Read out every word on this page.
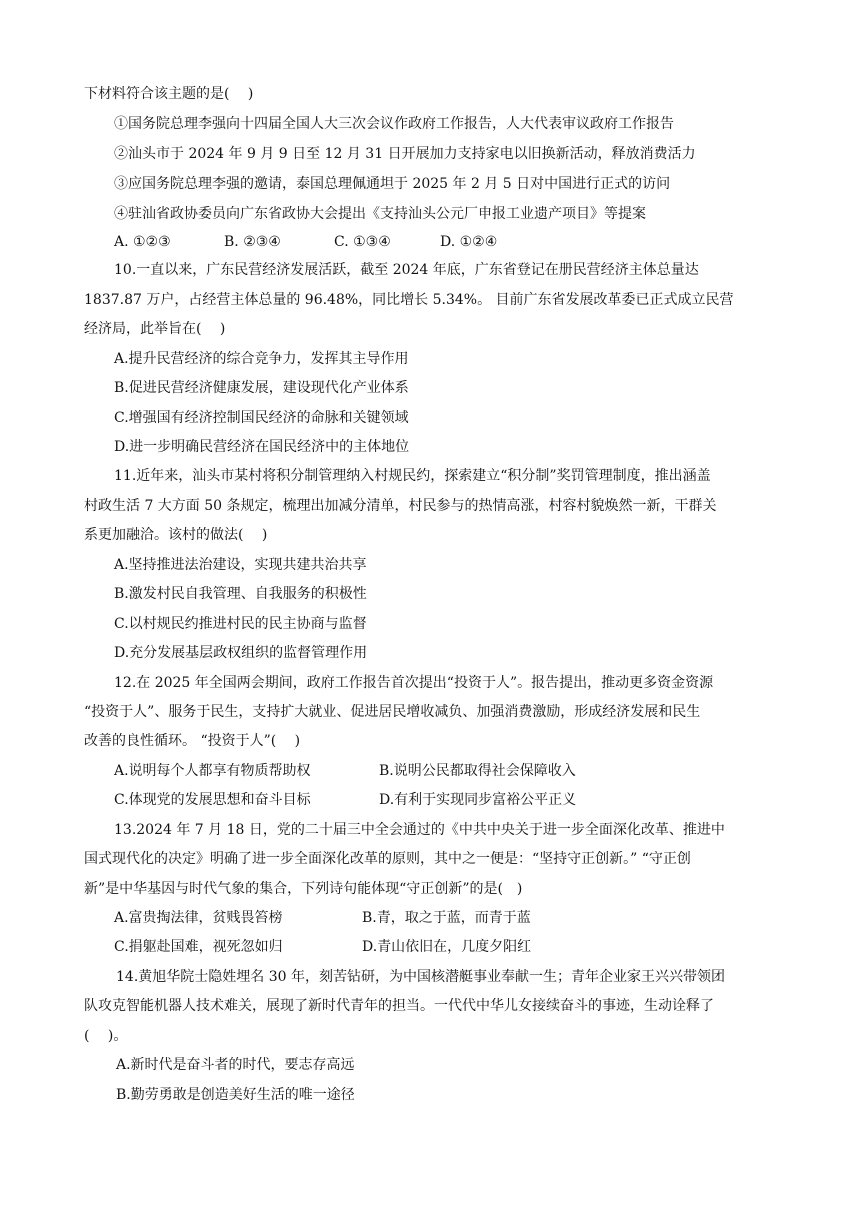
下材料符合该主题的是(　 )
①国务院总理李强向十四届全国人大三次会议作政府工作报告，人大代表审议政府工作报告
②汕头市于 2024 年 9 月 9 日至 12 月 31 日开展加力支持家电以旧换新活动，释放消费活力
③应国务院总理李强的邀请，泰国总理佩通坦于 2025 年 2 月 5 日对中国进行正式的访问
④驻汕省政协委员向广东省政协大会提出《支持汕头公元厂申报工业遗产项目》等提案
A. ①②③	B. ②③④	C. ①③④	D. ①②④
10.一直以来，广东民营经济发展活跃，截至 2024 年底，广东省登记在册民营经济主体总量达
1837.87 万户，占经营主体总量的 96.48%，同比增长 5.34%。 目前广东省发展改革委已正式成立民营
经济局，此举旨在(　 )
A.提升民营经济的综合竞争力，发挥其主导作用
B.促进民营经济健康发展，建设现代化产业体系
C.增强国有经济控制国民经济的命脉和关键领域
D.进一步明确民营经济在国民经济中的主体地位
11.近年来，汕头市某村将积分制管理纳入村规民约，探索建立“积分制”奖罚管理制度，推出涵盖
村政生活 7 大方面 50 条规定，梳理出加减分清单，村民参与的热情高涨，村容村貌焕然一新，干群关
系更加融洽。该村的做法(　 )
A.坚持推进法治建设，实现共建共治共享
B.激发村民自我管理、自我服务的积极性
C.以村规民约推进村民的民主协商与监督
D.充分发展基层政权组织的监督管理作用
12.在 2025 年全国两会期间，政府工作报告首次提出“投资于人”。报告提出，推动更多资金资源
“投资于人”、服务于民生，支持扩大就业、促进居民增收减负、加强消费激励，形成经济发展和民生
改善的良性循环。 “投资于人”(　 )
A.说明每个人都享有物质帮助权	B.说明公民都取得社会保障收入
C.体现党的发展思想和奋斗目标	D.有利于实现同步富裕公平正义
13.2024 年 7 月 18 日，党的二十届三中全会通过的《中共中央关于进一步全面深化改革、推进中
国式现代化的决定》明确了进一步全面深化改革的原则，其中之一便是：“坚持守正创新。” “守正创
新”是中华基因与时代气象的集合，下列诗句能体现“守正创新”的是(　)
A.富贵掏法律，贫贱畏笞榜	B.青，取之于蓝，而青于蓝
C.捐躯赴国难，视死忽如归	D.青山依旧在，几度夕阳红
14.黄旭华院士隐姓埋名 30 年，刻苦钻研，为中国核潜艇事业奉献一生；青年企业家王兴兴带领团
队攻克智能机器人技术难关，展现了新时代青年的担当。一代代中华儿女接续奋斗的事迹，生动诠释了
(　 )。
A.新时代是奋斗者的时代，要志存高远
B.勤劳勇敢是创造美好生活的唯一途径
